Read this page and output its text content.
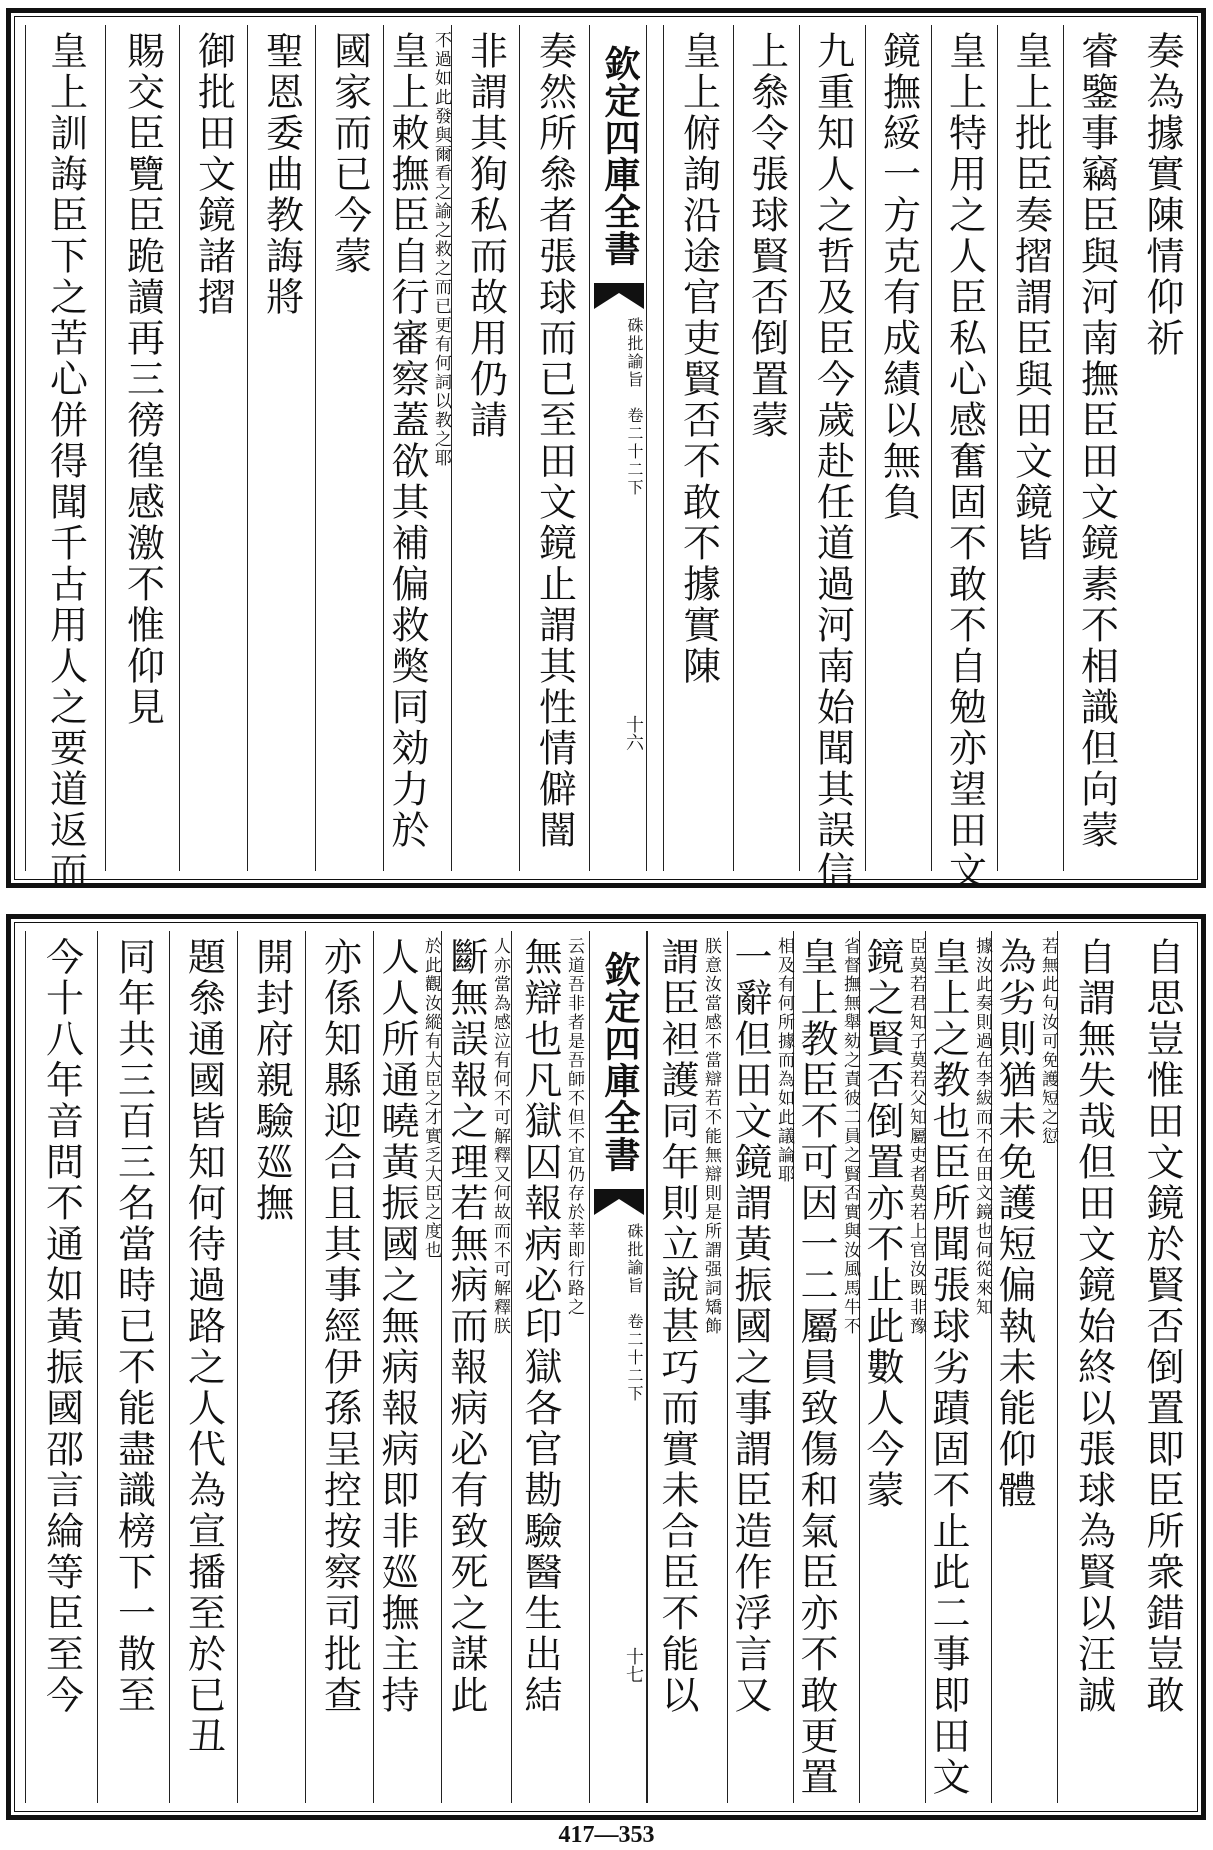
奏為據實陳情仰祈
睿鑒事竊臣與河南撫臣田文鏡素不相識但向蒙
皇上批臣奏摺謂臣與田文鏡皆
皇上特用之人臣私心感奮固不敢不自勉亦望田文
鏡撫綏一方克有成績以無負
九重知人之哲及臣今歲赴任道過河南始聞其誤信
上叅令張球賢否倒置蒙
皇上俯詢沿途官吏賢否不敢不據實陳
欽定四庫全書
硃批諭旨　卷二十二下
十六
奏然所叅者張球而已至田文鏡止謂其性情僻闇
非謂其狥私而故用仍請
不過如此發與爾看之諭之救之而已更有何詞以教之耶
皇上敕撫臣自行審察蓋欲其補偏救獘同効力於
國家而已今蒙
聖恩委曲教誨將
御批田文鏡諸摺
賜交臣覽臣跪讀再三徬徨感激不惟仰見
皇上訓誨臣下之苦心併得聞千古用人之要道返而
自思豈惟田文鏡於賢否倒置即臣所衆錯豈敢
自謂無失哉但田文鏡始終以張球為賢以汪誠
若無此句汝可免護短之愆
為劣則猶未免護短偏執未能仰體
據汝此奏則過在李紱而不在田文鏡也何從來知
皇上之教也臣所聞張球劣蹟固不止此二事即田文
臣莫若君知子莫若父知屬吏者莫若上官汝既非豫
鏡之賢否倒置亦不止此數人今蒙
省督撫無舉劾之責彼二員之賢否實與汝風馬牛不
皇上教臣不可因一二屬員致傷和氣臣亦不敢更置
相及有何所據而為如此議論耶
一辭但田文鏡謂黃振國之事謂臣造作浮言又
朕意汝當感不當辯若不能無辯則是所謂强詞矯飾
謂臣袒護同年則立說甚巧而實未合臣不能以
欽定四庫全書
硃批諭旨　卷二十二下
十七
云道吾非者是吾師不但不宜仍存於莘即行路之
無辯也凡獄囚報病必印獄各官勘驗醫生出結
人亦當為感泣有何不可解釋又何故而不可解釋朕
斷無誤報之理若無病而報病必有致死之謀此
於此觀汝縱有大臣之才實乏大臣之度也
人人所通曉黃振國之無病報病即非廵撫主持
亦係知縣迎合且其事經伊孫呈控按察司批查
開封府親驗廵撫
題叅通國皆知何待過路之人代為宣播至於已丑
同年共三百三名當時已不能盡識榜下一散至
今十八年音問不通如黃振國邵言綸等臣至今
417—353
